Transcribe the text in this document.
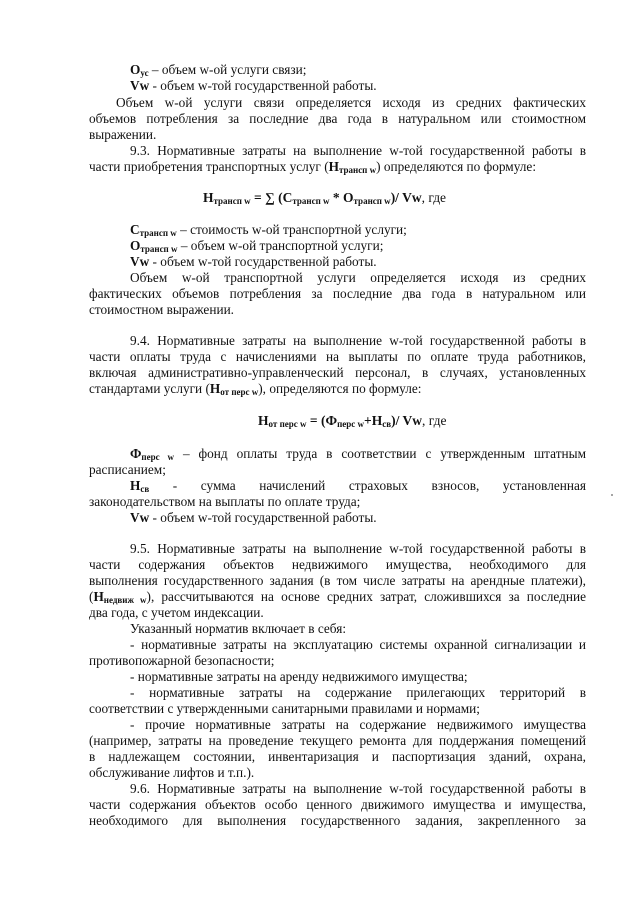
$О_{ус}$ – объем w-ой услуги связи;
Vw - объем w-той государственной работы.
Объем w-ой услуги связи определяется исходя из средних фактических
объемов потребления за последние два года в натуральном или стоимостном
выражении.
9.3. Нормативные затраты на выполнение w-той государственной работы в
части приобретения транспортных услуг $(Н_{трансп w})$ определяются по формуле:
$Н_{трансп w}$ = ∑ $(С_{трансп w} * О_{трансп w})/$ Vw, где
$С_{трансп w}$ – стоимость w-ой транспортной услуги;
$О_{трансп w}$ – объем w-ой транспортной услуги;
Vw - объем w-той государственной работы.
Объем w-ой транспортной услуги определяется исходя из средних
фактических объемов потребления за последние два года в натуральном или
стоимостном выражении.
9.4. Нормативные затраты на выполнение w-той государственной работы в
части оплаты труда с начислениями на выплаты по оплате труда работников,
включая административно-управленческий персонал, в случаях, установленных
стандартами услуги $(Н_{от перс w})$, определяются по формуле:
$Н_{от перс w} = (Ф_{перс w}+Н_{св})/$ Vw, где
$Ф_{перс w}$ – фонд оплаты труда в соответствии с утвержденным штатным
расписанием;
$Н_{св}$ - сумма начислений страховых взносов, установленная
законодательством на выплаты по оплате труда;
Vw - объем w-той государственной работы.
9.5. Нормативные затраты на выполнение w-той государственной работы в
части содержания объектов недвижимого имущества, необходимого для
выполнения государственного задания (в том числе затраты на арендные платежи),
$(Н_{недвиж w})$, рассчитываются на основе средних затрат, сложившихся за последние
два года, с учетом индексации.
Указанный норматив включает в себя:
- нормативные затраты на эксплуатацию системы охранной сигнализации и
противопожарной безопасности;
- нормативные затраты на аренду недвижимого имущества;
- нормативные затраты на содержание прилегающих территорий в
соответствии с утвержденными санитарными правилами и нормами;
- прочие нормативные затраты на содержание недвижимого имущества
(например, затраты на проведение текущего ремонта для поддержания помещений
в надлежащем состоянии, инвентаризация и паспортизация зданий, охрана,
обслуживание лифтов и т.п.).
9.6. Нормативные затраты на выполнение w-той государственной работы в
части содержания объектов особо ценного движимого имущества и имущества,
необходимого для выполнения государственного задания, закрепленного за
